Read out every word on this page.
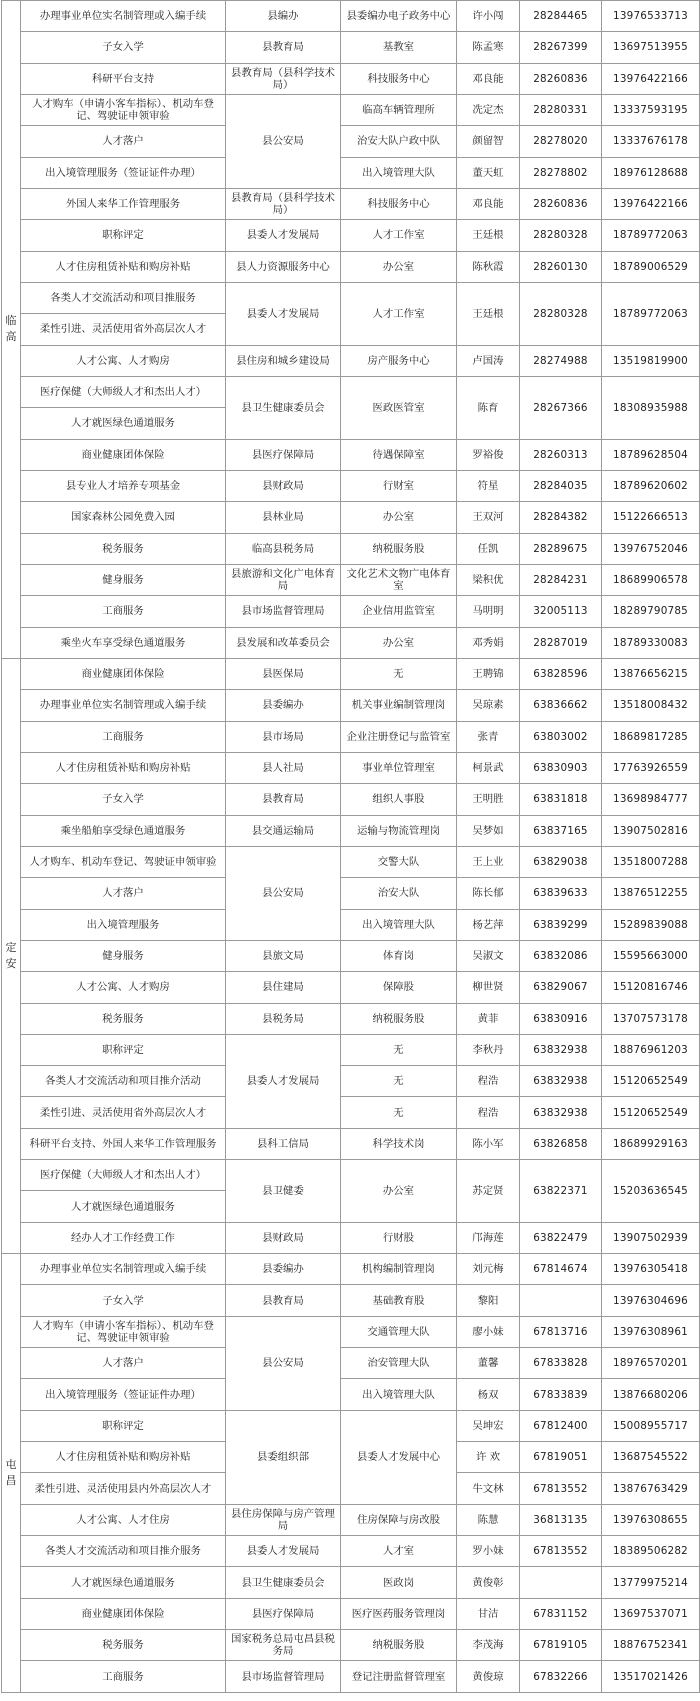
临
高	办理事业单位实名制管理或入编手续	县编办	县委编办电子政务中心	许小闯	28284465	13976533713
	子女入学	县教育局	基教室	陈孟寒	28267399	13697513955
	科研平台支持	县教育局（县科学技术局）	科技服务中心	邓良能	28260836	13976422166
	人才购车（申请小客车指标）、机动车登记、驾驶证申领审验	县公安局	临高车辆管理所	冼定杰	28280331	13337593195
	人才落户		治安大队户政中队	颜留智	28278020	13337676178
	出入境管理服务（签证证件办理）		出入境管理大队	董天虹	28278802	18976128688
	外国人来华工作管理服务	县教育局（县科学技术局）	科技服务中心	邓良能	28260836	13976422166
	职称评定	县委人才发展局	人才工作室	王廷根	28280328	18789772063
	人才住房租赁补贴和购房补贴	县人力资源服务中心	办公室	陈秋霞	28260130	18789006529
	各类人才交流活动和项目推服务	县委人才发展局	人才工作室	王廷根	28280328	18789772063
	柔性引进、灵活使用省外高层次人才					
	人才公寓、人才购房	县住房和城乡建设局	房产服务中心	卢国涛	28274988	13519819900
	医疗保健（大师级人才和杰出人才）	县卫生健康委员会	医政医管室	陈育	28267366	18308935988
	人才就医绿色通道服务					
	商业健康团体保险	县医疗保障局	待遇保障室	罗裕俊	28260313	18789628504
	县专业人才培养专项基金	县财政局	行财室	符星	28284035	18789620602
	国家森林公园免费入园	县林业局	办公室	王双河	28284382	15122666513
	税务服务	临高县税务局	纳税服务股	任凯	28289675	13976752046
	健身服务	县旅游和文化广电体育局	文化艺术文物广电体育室	梁积优	28284231	18689906578
	工商服务	县市场监督管理局	企业信用监管室	马明明	32005113	18289790785
	乘坐火车享受绿色通道服务	县发展和改革委员会	办公室	邓秀娟	28287019	18789330083
定
安	商业健康团体保险	县医保局	无	王聘锦	63828596	13876656215
	办理事业单位实名制管理或入编手续	县委编办	机关事业编制管理岗	吴琼素	63836662	13518008432
	工商服务	县市场局	企业注册登记与监管室	张青	63803002	18689817285
	人才住房租赁补贴和购房补贴	县人社局	事业单位管理室	柯景武	63830903	17763926559
	子女入学	县教育局	组织人事股	王明胜	63831818	13698984777
	乘坐船舶享受绿色通道服务	县交通运输局	运输与物流管理岗	吴梦如	63837165	13907502816
	人才购车、机动车登记、驾驶证申领审验	县公安局	交警大队	王上业	63829038	13518007288
	人才落户		治安大队	陈长郁	63839633	13876512255
	出入境管理服务		出入境管理大队	杨艺萍	63839299	15289839088
	健身服务	县旅文局	体育岗	吴淑文	63832086	15595663000
	人才公寓、人才购房	县住建局	保障股	柳世贤	63829067	15120816746
	税务服务	县税务局	纳税服务股	黄菲	63830916	13707573178
	职称评定	县委人才发展局	无	李秋丹	63832938	18876961203
	各类人才交流活动和项目推介活动		无	程浩	63832938	15120652549
	柔性引进、灵活使用省外高层次人才		无	程浩	63832938	15120652549
	科研平台支持、外国人来华工作管理服务	县科工信局	科学技术岗	陈小军	63826858	18689929163
	医疗保健（大师级人才和杰出人才）	县卫健委	办公室	苏定贤	63822371	15203636545
	人才就医绿色通道服务					
	经办人才工作经费工作	县财政局	行财股	邝海莲	63822479	13907502939
屯
昌	办理事业单位实名制管理或入编手续	县委编办	机构编制管理岗	刘元梅	67814674	13976305418
	子女入学	县教育局	基础教育股	黎阳		13976304696
	人才购车（申请小客车指标）、机动车登记、驾驶证申领审验	县公安局	交通管理大队	廖小妹	67813716	13976308961
	人才落户		治安管理大队	董馨	67833828	18976570201
	出入境管理服务（签证证件办理）		出入境管理大队	杨双	67833839	13876680206
	职称评定	县委组织部	县委人才发展中心	吴坤宏	67812400	15008955717
	人才住房租赁补贴和购房补贴			许 欢	67819051	13687545522
	柔性引进、灵活使用县内外高层次人才			牛文林	67813552	13876763429
	人才公寓、人才住房	县住房保障与房产管理局	住房保障与房改股	陈慧	36813135	13976308655
	各类人才交流活动和项目推介服务	县委人才发展局	人才室	罗小妹	67813552	18389506282
	人才就医绿色通道服务	县卫生健康委员会	医政岗	黄俊彰		13779975214
	商业健康团体保险	县医疗保障局	医疗医药服务管理岗	甘洁	67831152	13697537071
	税务服务	国家税务总局屯昌县税务局	纳税服务股	李茂海	67819105	18876752341
	工商服务	县市场监督管理局	登记注册监督管理室	黄俊琼	67832266	13517021426
